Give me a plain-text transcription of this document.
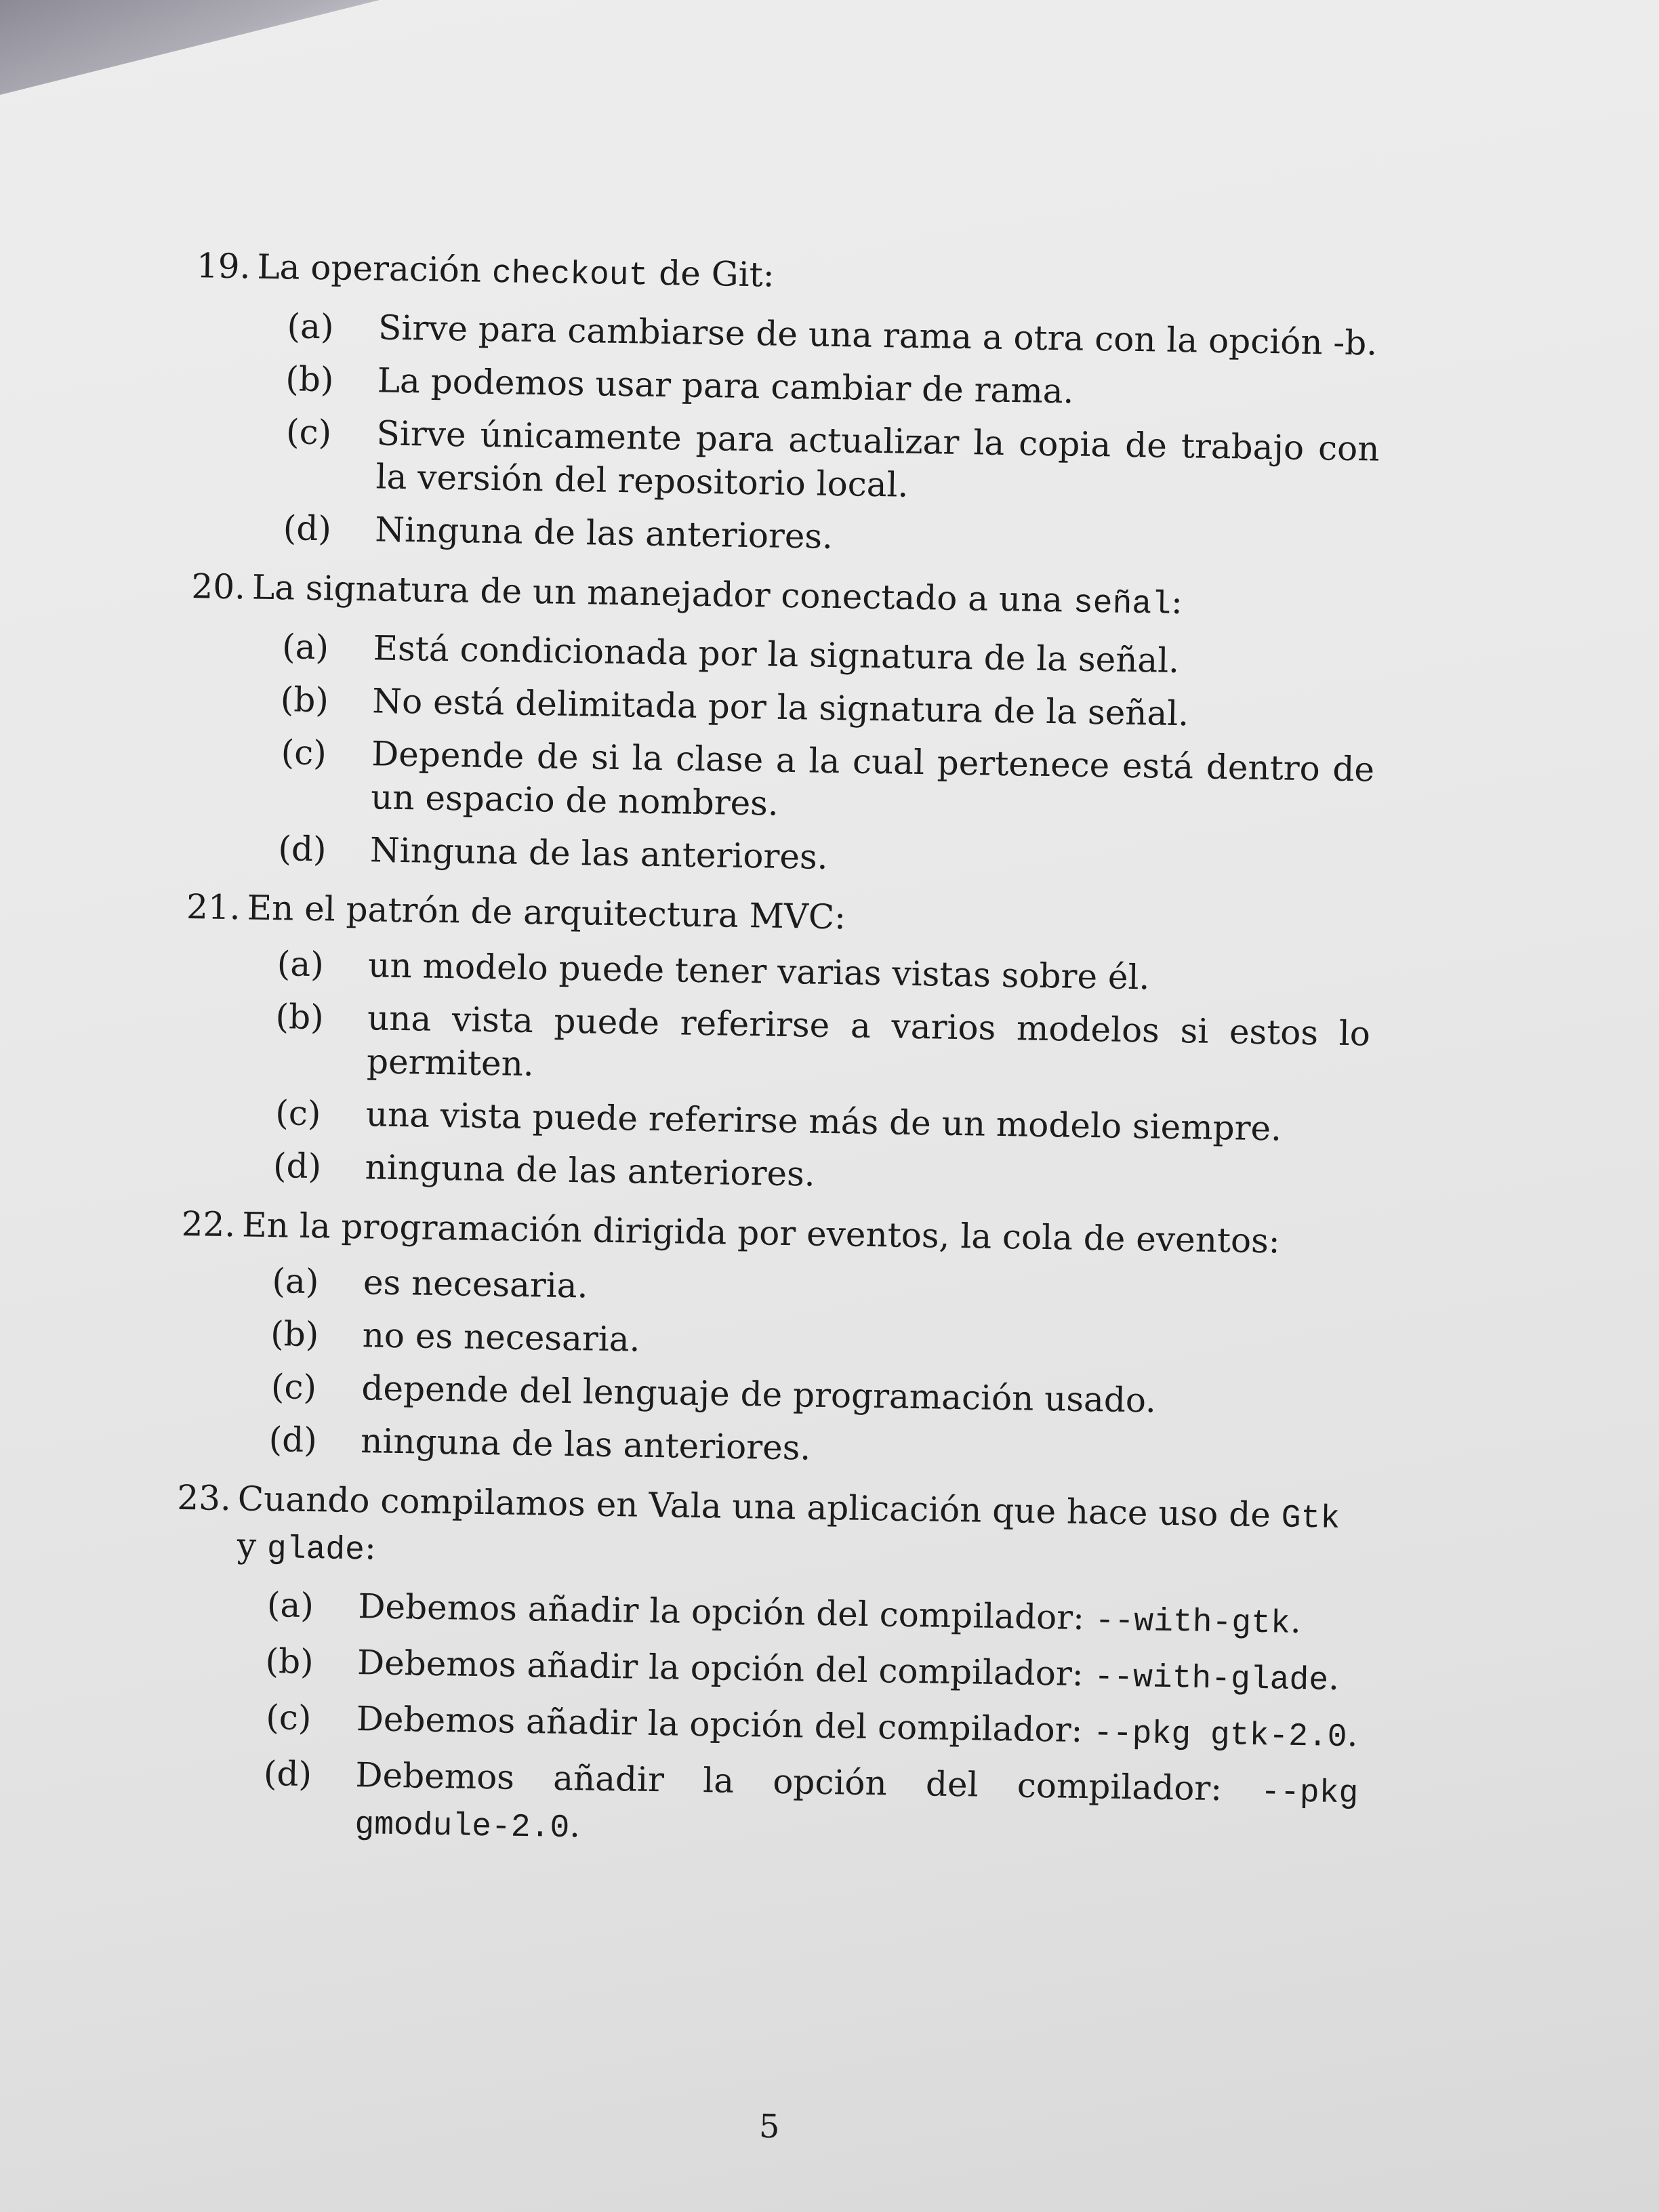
19. La operación checkout de Git:
(a)	Sirve para cambiarse de una rama a otra con la opción -b.
(b) La podemos usar para cambiar de rama.
(c)	Sirve únicamente para actualizar la copia de trabajo con la versión del repositorio local.
(d) Ninguna de las anteriores.
20. La signatura de un manejador conectado a una señal:
(a)	Está condicionada por la signatura de la señal.
(b) No está delimitada por la signatura de la señal.
(c)	Depende de si la clase a la cual pertenece está dentro de un espacio de nombres.
(d) Ninguna de las anteriores.
21. En el patrón de arquitectura MVC:
(a)	un modelo puede tener varias vistas sobre él.
(b) una vista puede referirse a varios modelos si estos lo permiten.
(c)	una vista puede referirse más de un modelo siempre.
(d) ninguna de las anteriores.
22. En la programación dirigida por eventos, la cola de eventos:
(a)	es necesaria.
(b) no es necesaria.
(c)	depende del lenguaje de programación usado.
(d) ninguna de las anteriores.
23. Cuando compilamos en Vala una aplicación que hace uso de Gtk y glade:
(a)	Debemos añadir la opción del compilador: --with-gtk.
(b) Debemos añadir la opción del compilador: --with-glade.
(c)	Debemos añadir la opción del compilador: --pkg gtk-2.0.
(d) Debemos añadir la opción del compilador: --pkg gmodule-2.0.
5
